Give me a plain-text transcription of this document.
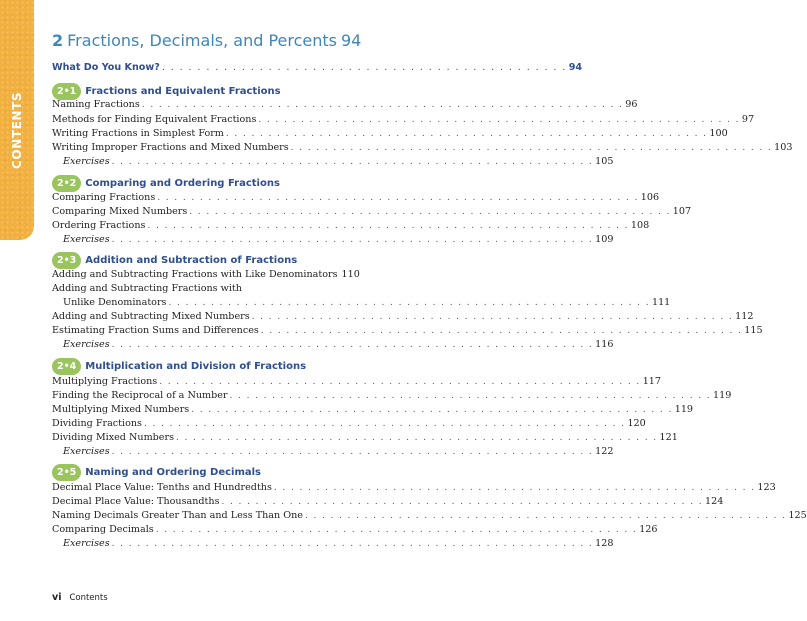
CONTENTS
2 Fractions, Decimals, and Percents 94
What Do You Know? . . . . . . . . . . . . . . . . . . . . . . . . . . . . . . . . . . . . . . . . . . . . . . 94
2•1 Fractions and Equivalent Fractions
Naming Fractions . . . . . . . . . . . . . . . . . . . . . . . . . . . . . . . . . . . . . . . . . . . . . . . . . . . . . . . . . 96
Methods for Finding Equivalent Fractions . . . . . . . . . . . . . . . . . . . . . . . . . . . . . . . . . . . . . . . . . . . . . . . . . . . . . . . . . 97
Writing Fractions in Simplest Form . . . . . . . . . . . . . . . . . . . . . . . . . . . . . . . . . . . . . . . . . . . . . . . . . . . . . . . . . 100
Writing Improper Fractions and Mixed Numbers . . . . . . . . . . . . . . . . . . . . . . . . . . . . . . . . . . . . . . . . . . . . . . . . . . . . . . . . . 103
Exercises . . . . . . . . . . . . . . . . . . . . . . . . . . . . . . . . . . . . . . . . . . . . . . . . . . . . . . . . . 105
2•2 Comparing and Ordering Fractions
Comparing Fractions . . . . . . . . . . . . . . . . . . . . . . . . . . . . . . . . . . . . . . . . . . . . . . . . . . . . . . . . . 106
Comparing Mixed Numbers . . . . . . . . . . . . . . . . . . . . . . . . . . . . . . . . . . . . . . . . . . . . . . . . . . . . . . . . . 107
Ordering Fractions . . . . . . . . . . . . . . . . . . . . . . . . . . . . . . . . . . . . . . . . . . . . . . . . . . . . . . . . . 108
Exercises . . . . . . . . . . . . . . . . . . . . . . . . . . . . . . . . . . . . . . . . . . . . . . . . . . . . . . . . . 109
2•3 Addition and Subtraction of Fractions
Adding and Subtracting Fractions with Like Denominators 110
Adding and Subtracting Fractions with
Unlike Denominators . . . . . . . . . . . . . . . . . . . . . . . . . . . . . . . . . . . . . . . . . . . . . . . . . . . . . . . . . 111
Adding and Subtracting Mixed Numbers . . . . . . . . . . . . . . . . . . . . . . . . . . . . . . . . . . . . . . . . . . . . . . . . . . . . . . . . . 112
Estimating Fraction Sums and Differences . . . . . . . . . . . . . . . . . . . . . . . . . . . . . . . . . . . . . . . . . . . . . . . . . . . . . . . . . 115
Exercises . . . . . . . . . . . . . . . . . . . . . . . . . . . . . . . . . . . . . . . . . . . . . . . . . . . . . . . . . 116
2•4 Multiplication and Division of Fractions
Multiplying Fractions . . . . . . . . . . . . . . . . . . . . . . . . . . . . . . . . . . . . . . . . . . . . . . . . . . . . . . . . . 117
Finding the Reciprocal of a Number . . . . . . . . . . . . . . . . . . . . . . . . . . . . . . . . . . . . . . . . . . . . . . . . . . . . . . . . . 119
Multiplying Mixed Numbers . . . . . . . . . . . . . . . . . . . . . . . . . . . . . . . . . . . . . . . . . . . . . . . . . . . . . . . . . 119
Dividing Fractions . . . . . . . . . . . . . . . . . . . . . . . . . . . . . . . . . . . . . . . . . . . . . . . . . . . . . . . . . 120
Dividing Mixed Numbers . . . . . . . . . . . . . . . . . . . . . . . . . . . . . . . . . . . . . . . . . . . . . . . . . . . . . . . . . 121
Exercises . . . . . . . . . . . . . . . . . . . . . . . . . . . . . . . . . . . . . . . . . . . . . . . . . . . . . . . . . 122
2•5 Naming and Ordering Decimals
Decimal Place Value: Tenths and Hundredths . . . . . . . . . . . . . . . . . . . . . . . . . . . . . . . . . . . . . . . . . . . . . . . . . . . . . . . . . 123
Decimal Place Value: Thousandths . . . . . . . . . . . . . . . . . . . . . . . . . . . . . . . . . . . . . . . . . . . . . . . . . . . . . . . . . 124
Naming Decimals Greater Than and Less Than One . . . . . . . . . . . . . . . . . . . . . . . . . . . . . . . . . . . . . . . . . . . . . . . . . . . . . . . . . 125
Comparing Decimals . . . . . . . . . . . . . . . . . . . . . . . . . . . . . . . . . . . . . . . . . . . . . . . . . . . . . . . . . 126
Exercises . . . . . . . . . . . . . . . . . . . . . . . . . . . . . . . . . . . . . . . . . . . . . . . . . . . . . . . . . 128
vi Contents
